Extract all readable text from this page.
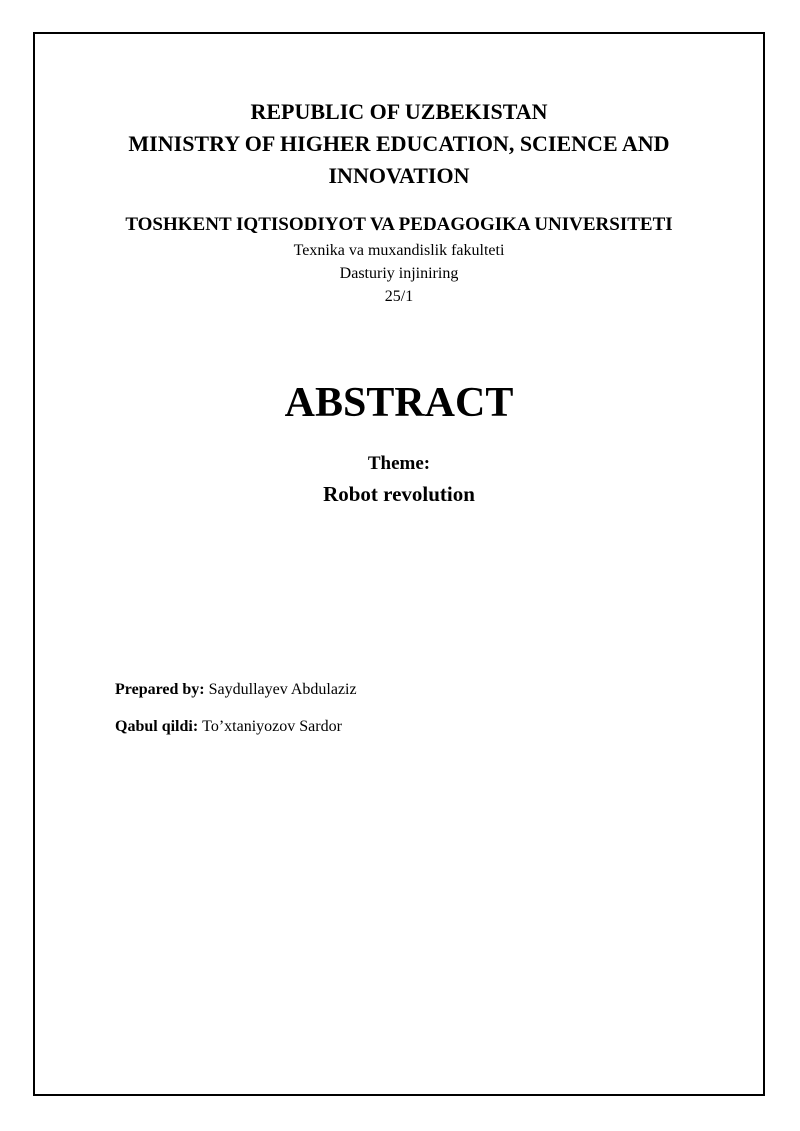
REPUBLIC OF UZBEKISTAN
MINISTRY OF HIGHER EDUCATION, SCIENCE AND
INNOVATION
TOSHKENT IQTISODIYOT VA PEDAGOGIKA UNIVERSITETI
Texnika va muxandislik fakulteti
Dasturiy injiniring
25/1
ABSTRACT
Theme:
Robot revolution
Prepared by: Saydullayev Abdulaziz
Qabul qildi: To’xtaniyozov Sardor
